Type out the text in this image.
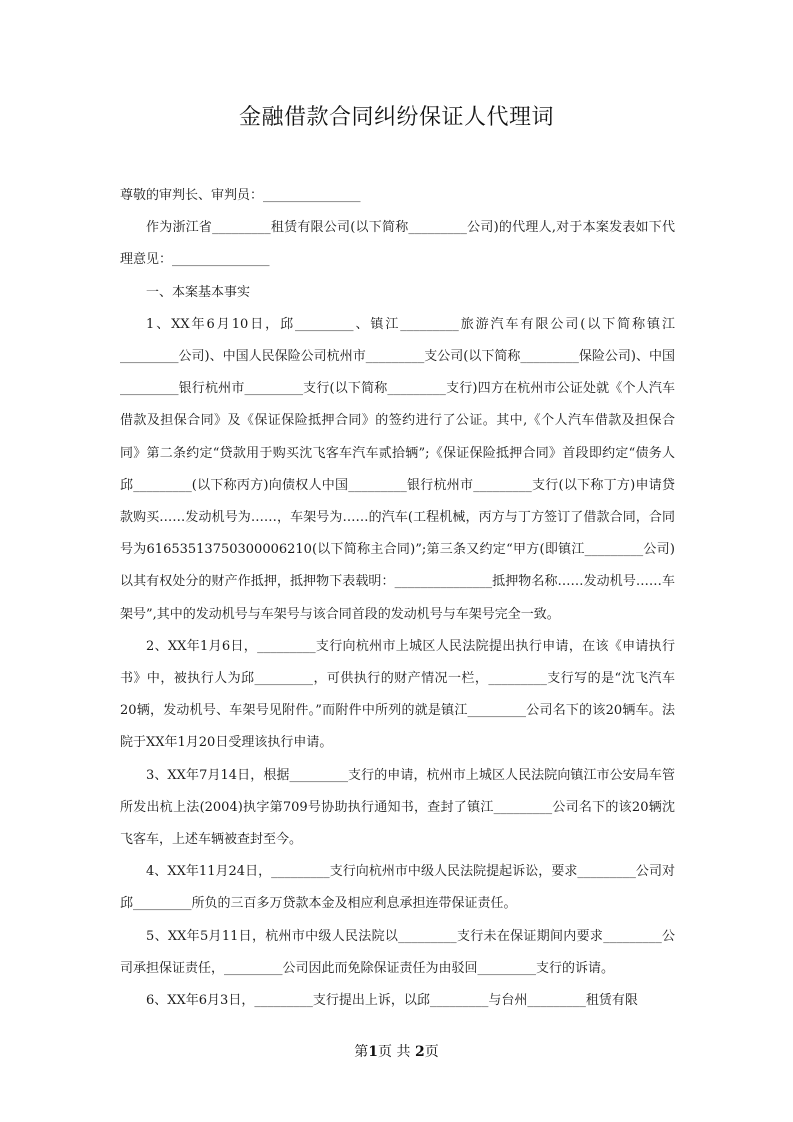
金融借款合同纠纷保证人代理词

尊敬的审判长、审判员：_______________

作为浙江省_________租赁有限公司(以下简称_________公司)的代理人,对于本案发表如下代理意见：_______________

一、本案基本事实

1、XX年6月10日，邱_________、镇江_________旅游汽车有限公司(以下简称镇江_________公司)、中国人民保险公司杭州市_________支公司(以下简称_________保险公司)、中国_________银行杭州市_________支行(以下简称_________支行)四方在杭州市公证处就《个人汽车借款及担保合同》及《保证保险抵押合同》的签约进行了公证。其中,《个人汽车借款及担保合同》第二条约定“贷款用于购买沈飞客车汽车贰拾辆”;《保证保险抵押合同》首段即约定“债务人邱_________(以下称丙方)向债权人中国_________银行杭州市_________支行(以下称丁方)申请贷款购买……发动机号为……，车架号为……的汽车(工程机械，丙方与丁方签订了借款合同，合同号为61653513750300006210(以下简称主合同)”;第三条又约定“甲方(即镇江_________公司)以其有权处分的财产作抵押，抵押物下表载明：_______________抵押物名称……发动机号……车架号”,其中的发动机号与车架号与该合同首段的发动机号与车架号完全一致。

2、XX年1月6日，_________支行向杭州市上城区人民法院提出执行申请，在该《申请执行书》中，被执行人为邱_________，可供执行的财产情况一栏，_________支行写的是“沈飞汽车20辆，发动机号、车架号见附件。”而附件中所列的就是镇江_________公司名下的该20辆车。法院于XX年1月20日受理该执行申请。

3、XX年7月14日，根据_________支行的申请，杭州市上城区人民法院向镇江市公安局车管所发出杭上法(2004)执字第709号协助执行通知书，查封了镇江_________公司名下的该20辆沈飞客车，上述车辆被查封至今。

4、XX年11月24日，_________支行向杭州市中级人民法院提起诉讼，要求_________公司对邱_________所负的三百多万贷款本金及相应利息承担连带保证责任。

5、XX年5月11日，杭州市中级人民法院以_________支行未在保证期间内要求_________公司承担保证责任，_________公司因此而免除保证责任为由驳回_________支行的诉请。

6、XX年6月3日，_________支行提出上诉，以邱_________与台州_________租赁有限

第1页 共 2页
